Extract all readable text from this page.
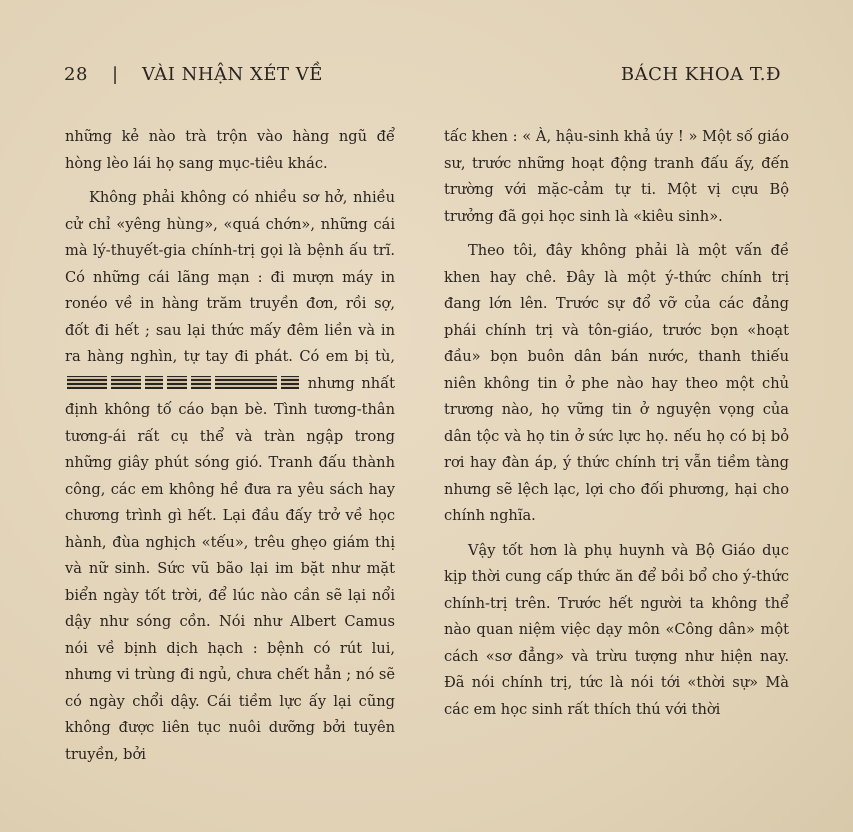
28 | VÀI NHẬN XÉT VỀ	BÁCH KHOA T.Đ

những kẻ nào trà trộn vào hàng ngũ để hòng lèo lái họ sang mục-tiêu khác.

Không phải không có nhiều sơ hở, nhiều cử chỉ «yêng hùng», «quá chớn», những cái mà lý-thuyết-gia chính-trị gọi là bệnh ấu trĩ. Có những cái lãng mạn : đi mượn máy in ronéo về in hàng trăm truyền đơn, rồi sợ, đốt đi hết ; sau lại thức mấy đêm liền và in ra hàng nghìn, tự tay đi phát. Có em bị tù,  nhưng nhất định không tố cáo bạn bè. Tình tương-thân tương-ái rất cụ thể và tràn ngập trong những giây phút sóng gió. Tranh đấu thành công, các em không hề đưa ra yêu sách hay chương trình gì hết. Lại đầu đấy trở về học hành, đùa nghịch «tếu», trêu ghẹo giám thị và nữ sinh. Sức vũ bão lại im bặt như mặt biển ngày tốt trời, để lúc nào cần sẽ lại nổi dậy như sóng cồn. Nói như Albert Camus nói về bịnh dịch hạch : bệnh có rút lui, nhưng vi trùng đi ngủ, chưa chết hẳn ; nó sẽ có ngày chổi dậy. Cái tiềm lực ấy lại cũng không được liên tục nuôi dưỡng bởi tuyên truyền, bởi

tấc khen : « À, hậu-sinh khả úy ! » Một số giáo sư, trước những hoạt động tranh đấu ấy, đến trường với mặc-cảm tự ti. Một vị cựu Bộ trưởng đã gọi học sinh là «kiêu sinh».

Theo tôi, đây không phải là một vấn đề khen hay chê. Đây là một ý-thức chính trị đang lớn lên. Trước sự đổ vỡ của các đảng phái chính trị và tôn-giáo, trước bọn «hoạt đầu» bọn buôn dân bán nước, thanh thiếu niên không tin ở phe nào hay theo một chủ trương nào, họ vững tin ở nguyện vọng của dân tộc và họ tin ở sức lực họ. nếu họ có bị bỏ rơi hay đàn áp, ý thức chính trị vẫn tiềm tàng nhưng sẽ lệch lạc, lợi cho đối phương, hại cho chính nghĩa.

Vậy tốt hơn là phụ huynh và Bộ Giáo dục kịp thời cung cấp thức ăn để bồi bổ cho ý-thức chính-trị trên. Trước hết người ta không thể nào quan niệm việc dạy môn «Công dân» một cách «sơ đẳng» và trừu tượng như hiện nay. Đã nói chính trị, tức là nói tới «thời sự» Mà các em học sinh rất thích thú với thời
